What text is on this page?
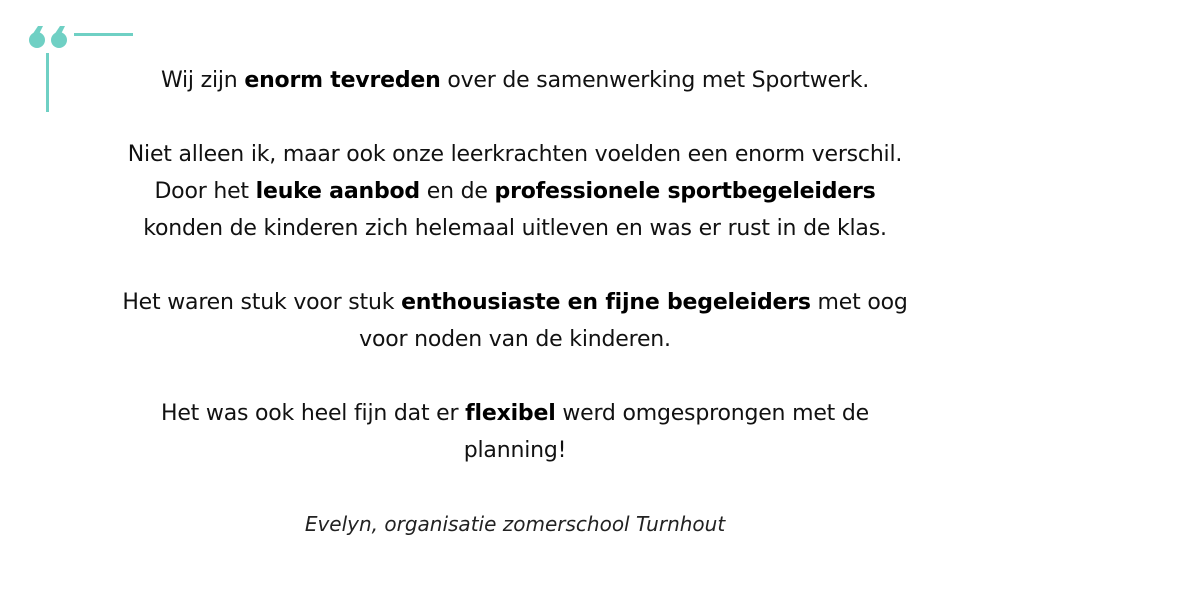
Wij zijn enorm tevreden over de samenwerking met Sportwerk.

Niet alleen ik, maar ook onze leerkrachten voelden een enorm verschil.
Door het leuke aanbod en de professionele sportbegeleiders
konden de kinderen zich helemaal uitleven en was er rust in de klas.

Het waren stuk voor stuk enthousiaste en fijne begeleiders met oog
voor noden van de kinderen.

Het was ook heel fijn dat er flexibel werd omgesprongen met de
planning!

Evelyn, organisatie zomerschool Turnhout
